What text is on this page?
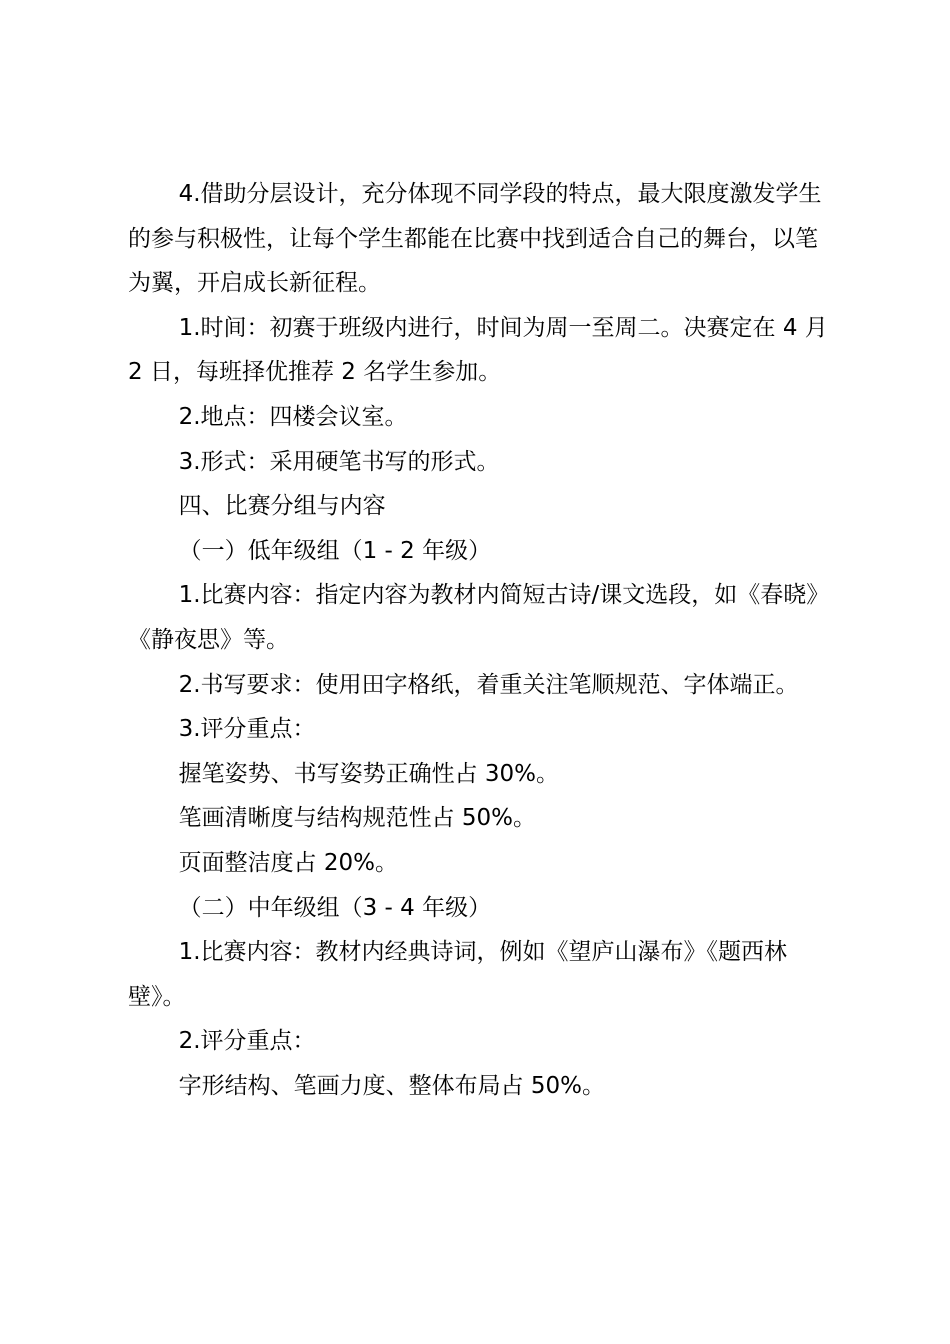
4.借助分层设计，充分体现不同学段的特点，最大限度激发学生的参与积极性，让每个学生都能在比赛中找到适合自己的舞台，以笔为翼，开启成长新征程。

1.时间：初赛于班级内进行，时间为周一至周二。决赛定在 4 月 2 日，每班择优推荐 2 名学生参加。

2.地点：四楼会议室。

3.形式：采用硬笔书写的形式。

四、比赛分组与内容

（一）低年级组（1 - 2 年级）

1.比赛内容：指定内容为教材内简短古诗/课文选段，如《春晓》《静夜思》等。

2.书写要求：使用田字格纸，着重关注笔顺规范、字体端正。

3.评分重点：

握笔姿势、书写姿势正确性占 30%。

笔画清晰度与结构规范性占 50%。

页面整洁度占 20%。

（二）中年级组（3 - 4 年级）

1.比赛内容：教材内经典诗词，例如《望庐山瀑布》《题西林壁》。

2.评分重点：

字形结构、笔画力度、整体布局占 50%。
